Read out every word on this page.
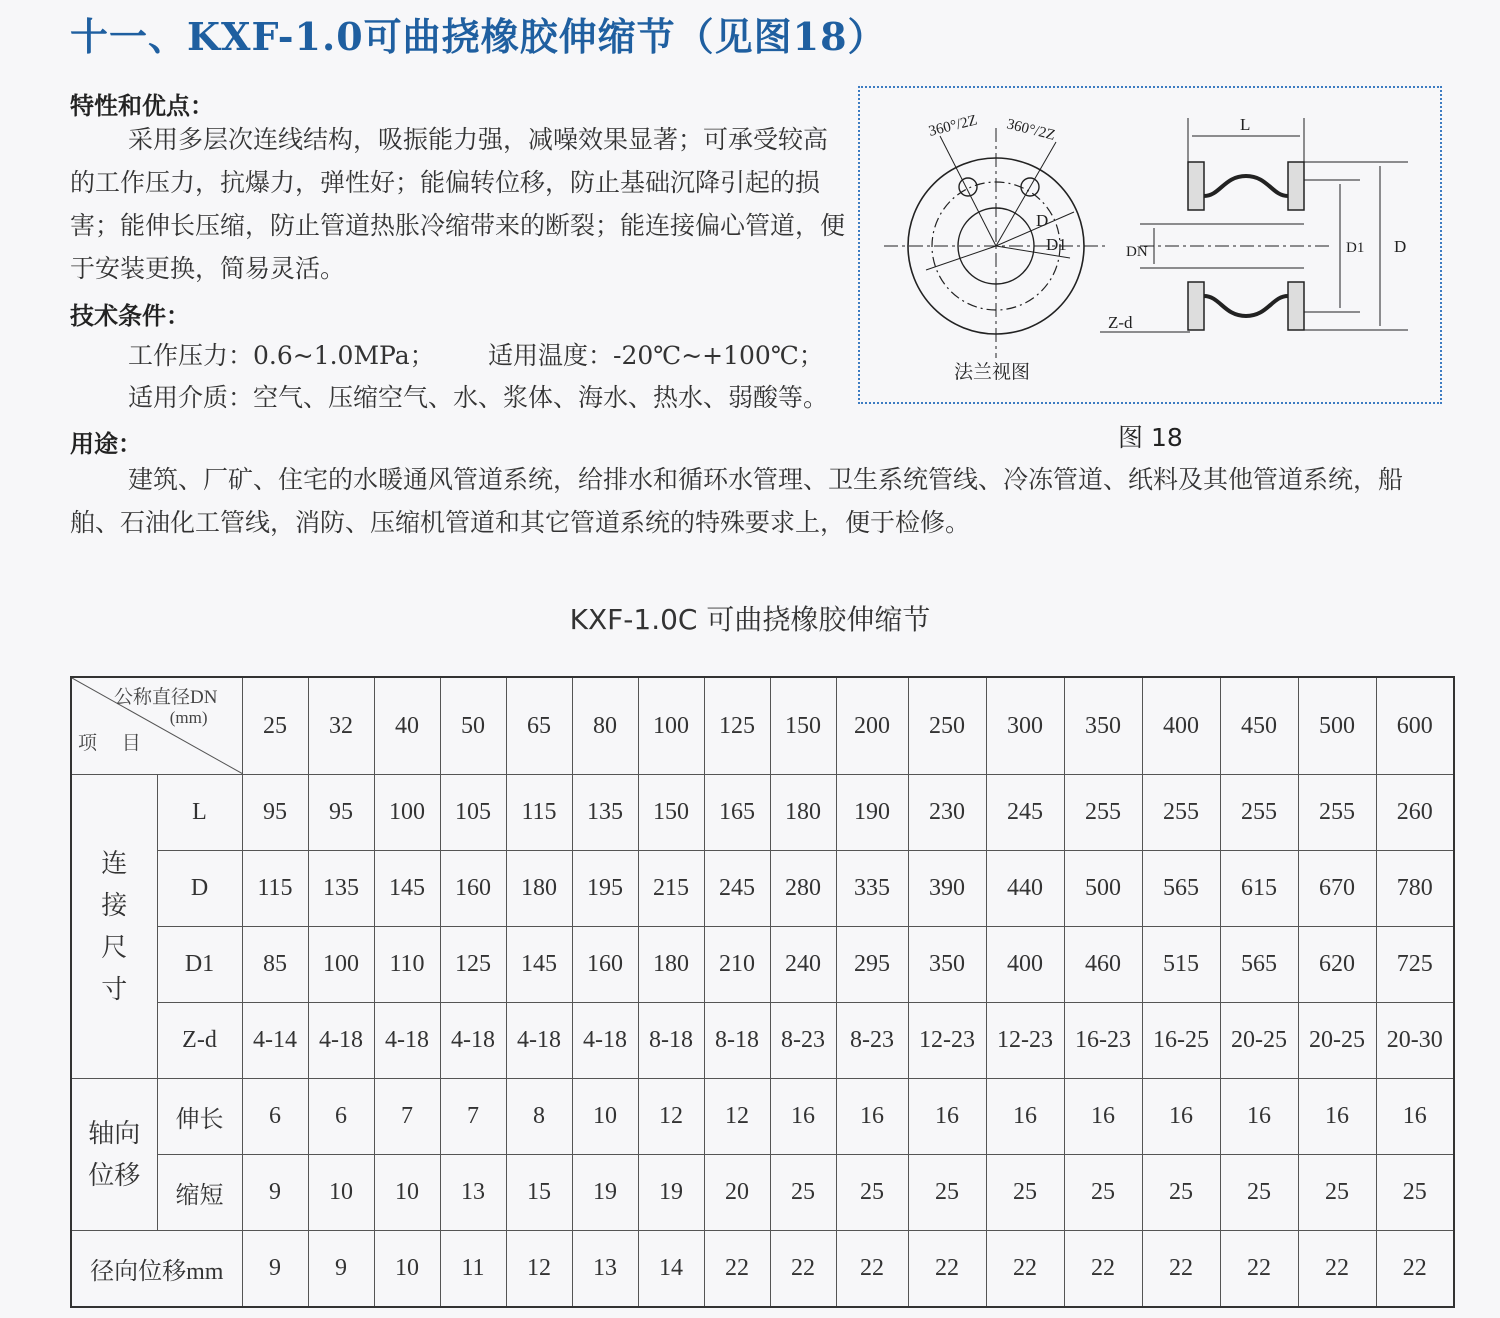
十一、KXF-1.0可曲挠橡胶伸缩节（见图18）
特性和优点：
采用多层次连线结构，吸振能力强，减噪效果显著；可承受较高的工作压力，抗爆力，弹性好；能偏转位移，防止基础沉降引起的损害；能伸长压缩，防止管道热胀冷缩带来的断裂；能连接偏心管道，便于安装更换，简易灵活。
技术条件：
工作压力：0.6~1.0MPa； 适用温度：-20℃~+100℃；
适用介质：空气、压缩空气、水、浆体、海水、热水、弱酸等。
用途：
建筑、厂矿、住宅的水暖通风管道系统，给排水和循环水管理、卫生系统管线、冷冻管道、纸料及其他管道系统，船舶、石油化工管线，消防、压缩机管道和其它管道系统的特殊要求上，便于检修。
360°/2Z 360°/2Z
D
D1
法兰视图
L
D
D1
DN
Z-d
图 18
KXF-1.0C 可曲挠橡胶伸缩节
公称直径DN
(mm)
项 目		25	32	40	50	65	80	100	125	150	200	250	300	350	400	450	500	600

连
接
尺
寸	L	95	95	100	105	115	135	150	165	180	190	230	245	255	255	255	255	260
	D	115	135	145	160	180	195	215	245	280	335	390	440	500	565	615	670	780
	D1	85	100	110	125	145	160	180	210	240	295	350	400	460	515	565	620	725
	Z-d	4-14	4-18	4-18	4-18	4-18	4-18	8-18	8-18	8-23	8-23	12-23	12-23	16-23	16-25	20-25	20-25	20-30

轴向
位移	伸长	6	6	7	7	8	10	12	12	16	16	16	16	16	16	16	16	16
	缩短	9	10	10	13	15	19	19	20	25	25	25	25	25	25	25	25	25
径向位移mm		9	9	10	11	12	13	14	22	22	22	22	22	22	22	22	22	22
